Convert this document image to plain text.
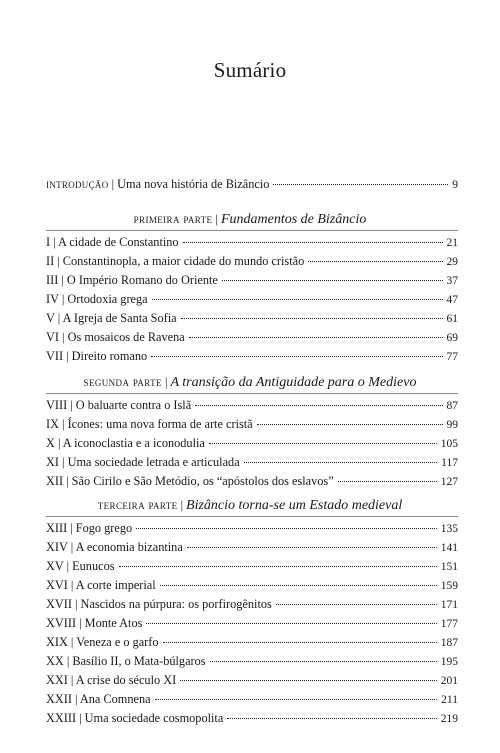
Sumário
introdução | Uma nova história de Bizâncio	9
primeira parte | Fundamentos de Bizâncio
I | A cidade de Constantino	21
II | Constantinopla, a maior cidade do mundo cristão	29
III | O Império Romano do Oriente	37
IV | Ortodoxia grega	47
V | A Igreja de Santa Sofia	61
VI | Os mosaicos de Ravena	69
VII | Direito romano	77
segunda parte | A transição da Antiguidade para o Medievo
VIII | O baluarte contra o Islã	87
IX | Ícones: uma nova forma de arte cristã	99
X | A iconoclastia e a iconodulia	105
XI | Uma sociedade letrada e articulada	117
XII | São Cirilo e São Metódio, os “apóstolos dos eslavos”	127
terceira parte | Bizâncio torna-se um Estado medieval
XIII | Fogo grego	135
XIV | A economia bizantina	141
XV | Eunucos	151
XVI | A corte imperial	159
XVII | Nascidos na púrpura: os porfirogênitos	171
XVIII | Monte Atos	177
XIX | Veneza e o garfo	187
XX | Basílio II, o Mata-búlgaros	195
XXI | A crise do século XI	201
XXII | Ana Comnena	211
XXIII | Uma sociedade cosmopolita	219
